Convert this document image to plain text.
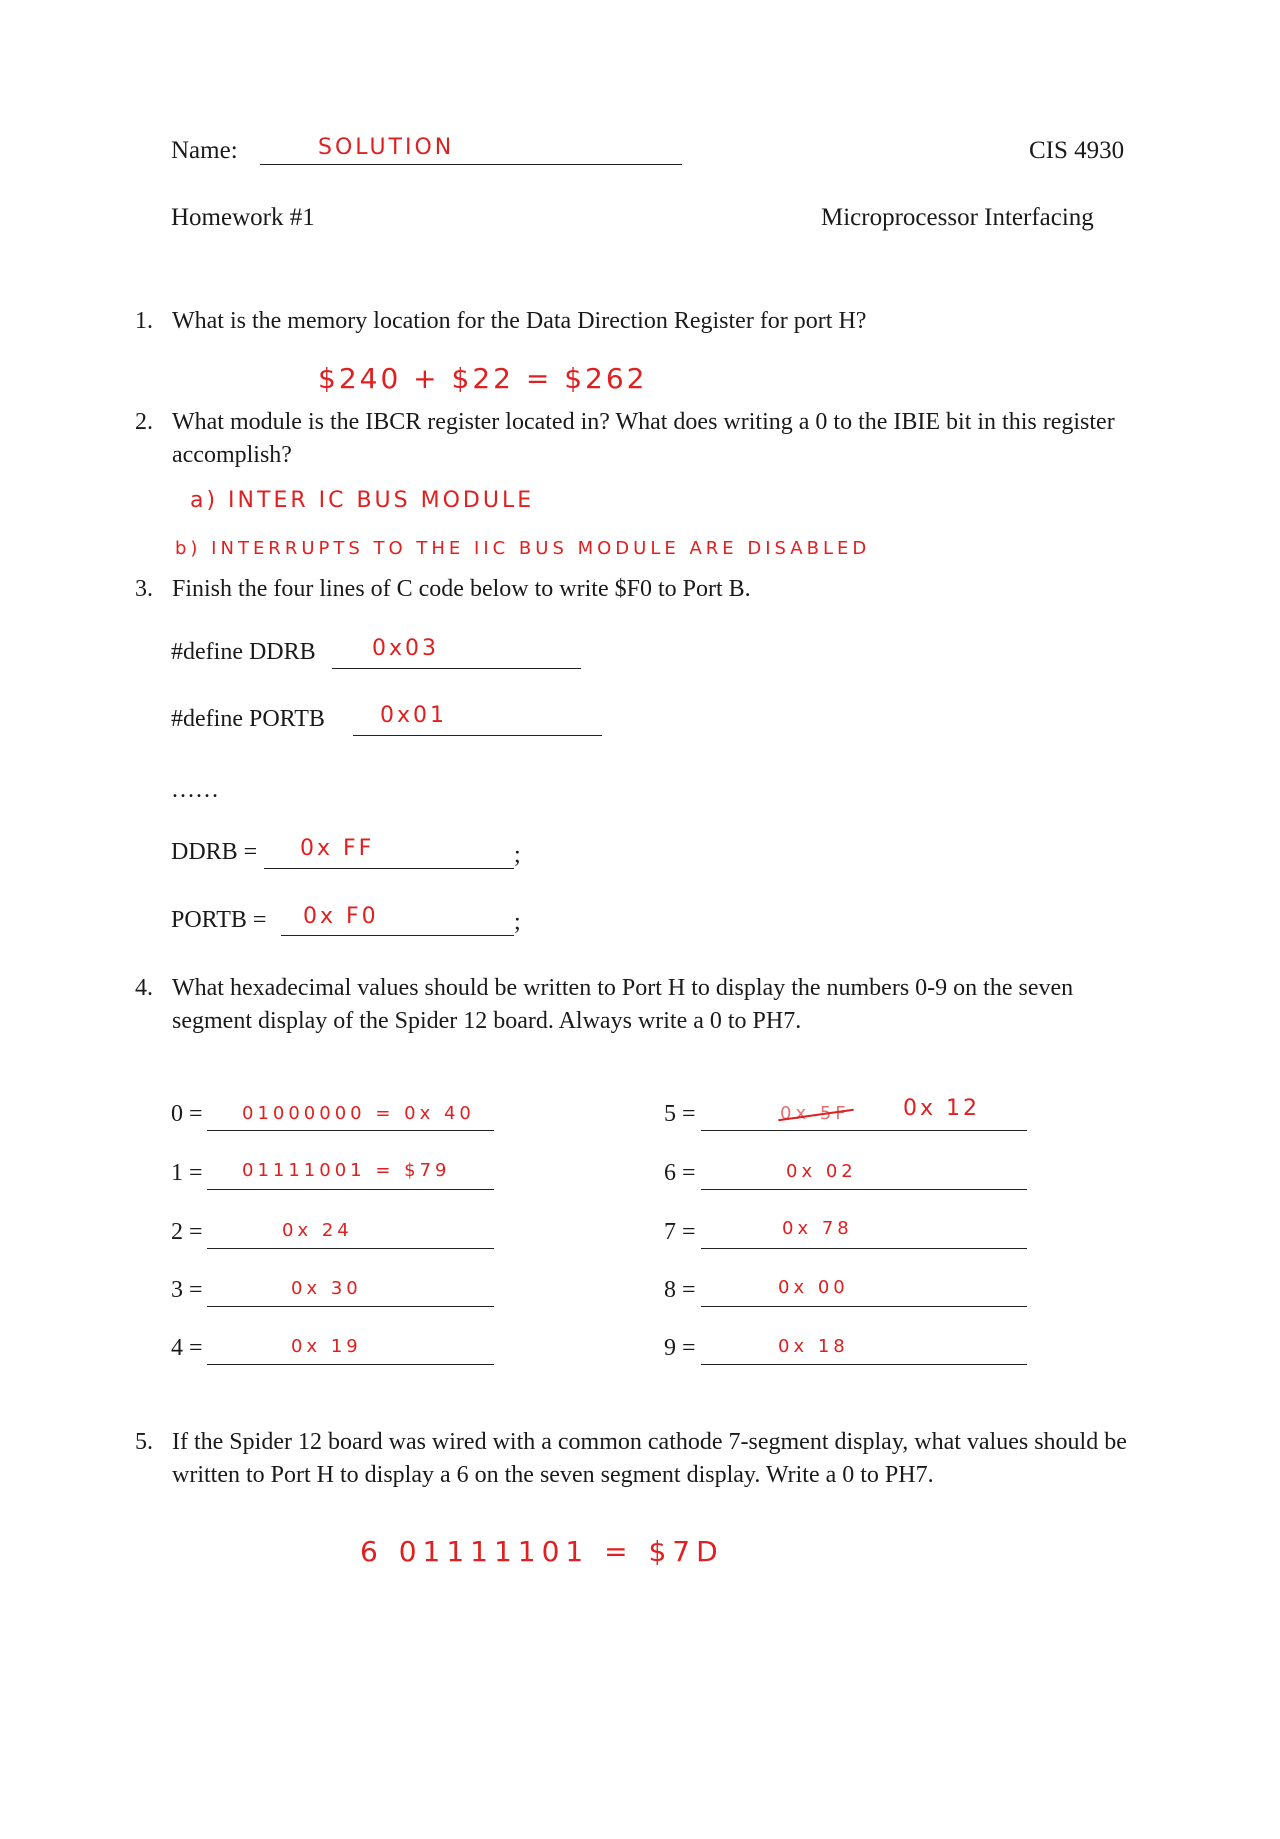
Name:	SOLUTION	CIS 4930
Homework #1	Microprocessor Interfacing
1. What is the memory location for the Data Direction Register for port H?
$240 + $22 = $262
2. What module is the IBCR register located in? What does writing a 0 to the IBIE bit in this register accomplish?
a) INTER IC BUS MODULE
b) INTERRUPTS TO THE IIC BUS MODULE ARE DISABLED
3. Finish the four lines of C code below to write $F0 to Port B.
#define DDRB	0x03
#define PORTB	0x01
……
DDRB = 0x FF	;
PORTB = 0x F0	;
4. What hexadecimal values should be written to Port H to display the numbers 0-9 on the seven segment display of the Spider 12 board. Always write a 0 to PH7.
0 = 01000000 = 0x 40
1 = 01111001 = $79
2 =	0x 24
3 =	0x 30
4 =	0x 19
5 =	0x 5F 0x 12
6 =	0x 02
7 =	0x 78
8 =	0x 00
9 =	0x 18
5. If the Spider 12 board was wired with a common cathode 7-segment display, what values should be written to Port H to display a 6 on the seven segment display. Write a 0 to PH7.
6 01111101 = $7D
